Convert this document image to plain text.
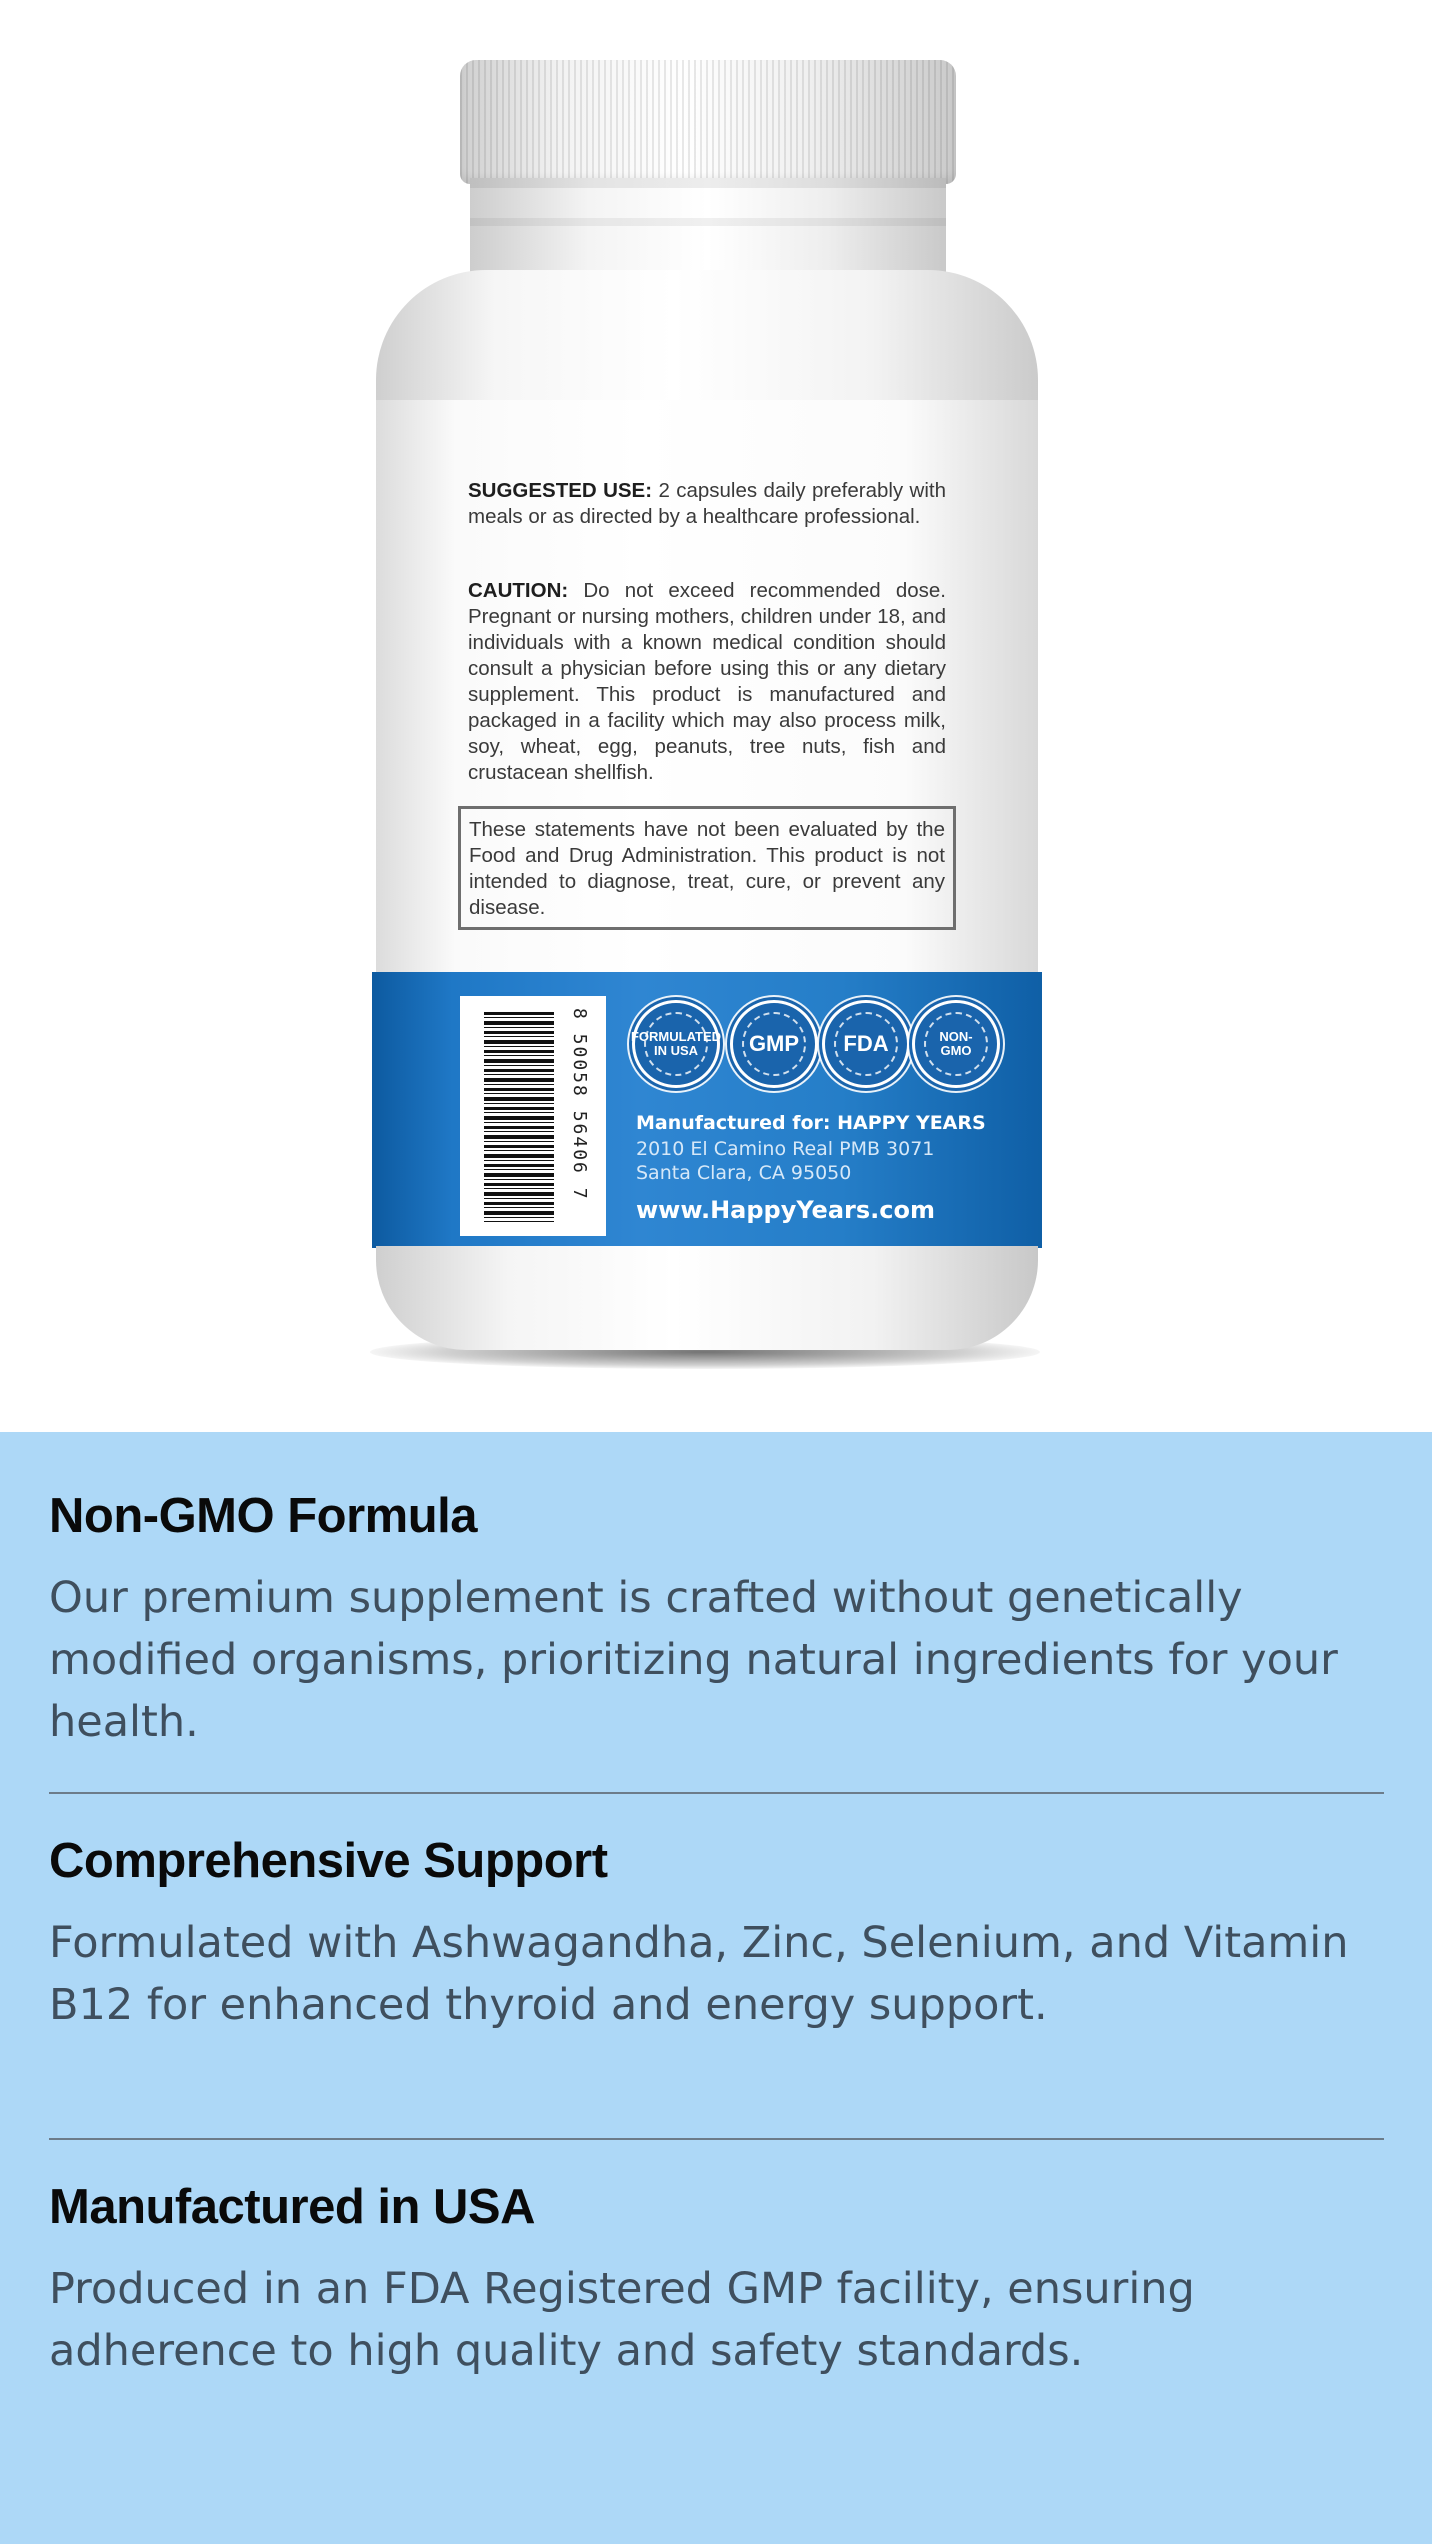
SUGGESTED USE: 2 capsules daily preferably with meals or as directed by a healthcare professional.
CAUTION: Do not exceed recommended dose. Pregnant or nursing mothers, children under 18, and individuals with a known medical condition should consult a physician before using this or any dietary supplement. This product is manufactured and packaged in a facility which may also process milk, soy, wheat, egg, peanuts, tree nuts, fish and crustacean shellfish.
These statements have not been evaluated by the Food and Drug Administration. This product is not intended to diagnose, treat, cure, or prevent any disease.
8 50058 56406 7	FORMULATED IN USA	GMP	FDA	NON-GMO
Manufactured for: HAPPY YEARS
2010 El Camino Real PMB 3071
Santa Clara, CA 95050
www.HappyYears.com
Non-GMO Formula

Our premium supplement is crafted without genetically modified organisms, prioritizing natural ingredients for your health.

Comprehensive Support

Formulated with Ashwagandha, Zinc, Selenium, and Vitamin B12 for enhanced thyroid and energy support.

Manufactured in USA

Produced in an FDA Registered GMP facility, ensuring adherence to high quality and safety standards.
